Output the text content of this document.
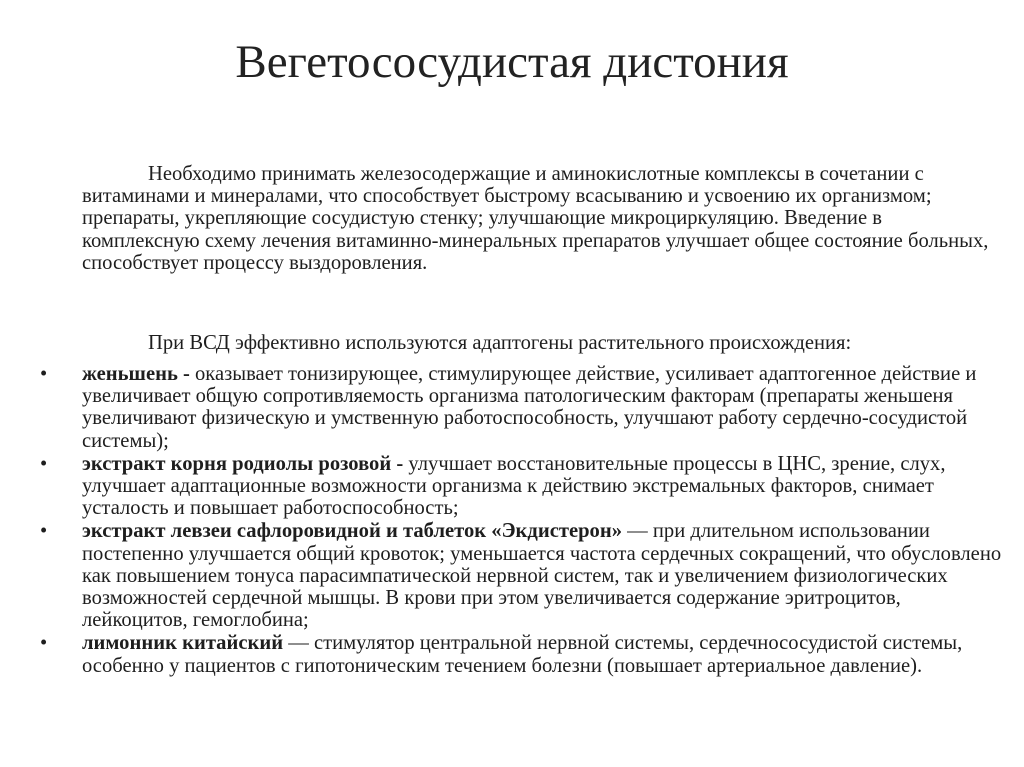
Вегетососудистая дистония

Необходимо принимать железосодержащие и аминокислотные комплексы в сочетании с витаминами и минералами, что способствует быстрому всасыванию и усвоению их организмом; препараты, укрепляющие сосудистую стенку; улучшающие микроциркуляцию. Введение в комплексную схему лечения витаминно-минеральных препаратов улучшает общее состояние больных, способствует процессу выздоровления.

При ВСД эффективно используются адаптогены растительного происхождения:

• женьшень - оказывает тонизирующее, стимулирующее действие, усиливает адаптогенное действие и увеличивает общую сопротивляемость организма патологическим факторам (препараты женьшеня увеличивают физическую и умственную работоспособность, улучшают работу сердечно-сосудистой системы);
• экстракт корня родиолы розовой - улучшает восстановительные процессы в ЦНС, зрение, слух, улучшает адаптационные возможности организма к действию экстремальных факторов, снимает усталость и повышает работоспособность;
• экстракт левзеи сафлоровидной и таблеток «Экдистерон» — при длительном использовании постепенно улучшается общий кровоток; уменьшается частота сердечных сокращений, что обусловлено как повышением тонуса парасимпатической нервной систем, так и увеличением физиологических возможностей сердечной мышцы. В крови при этом увеличивается содержание эритроцитов, лейкоцитов, гемоглобина;
• лимонник китайский — стимулятор центральной нервной системы, сердечнососудистой системы, особенно у пациентов с гипотоническим течением болезни (повышает артериальное давление).
